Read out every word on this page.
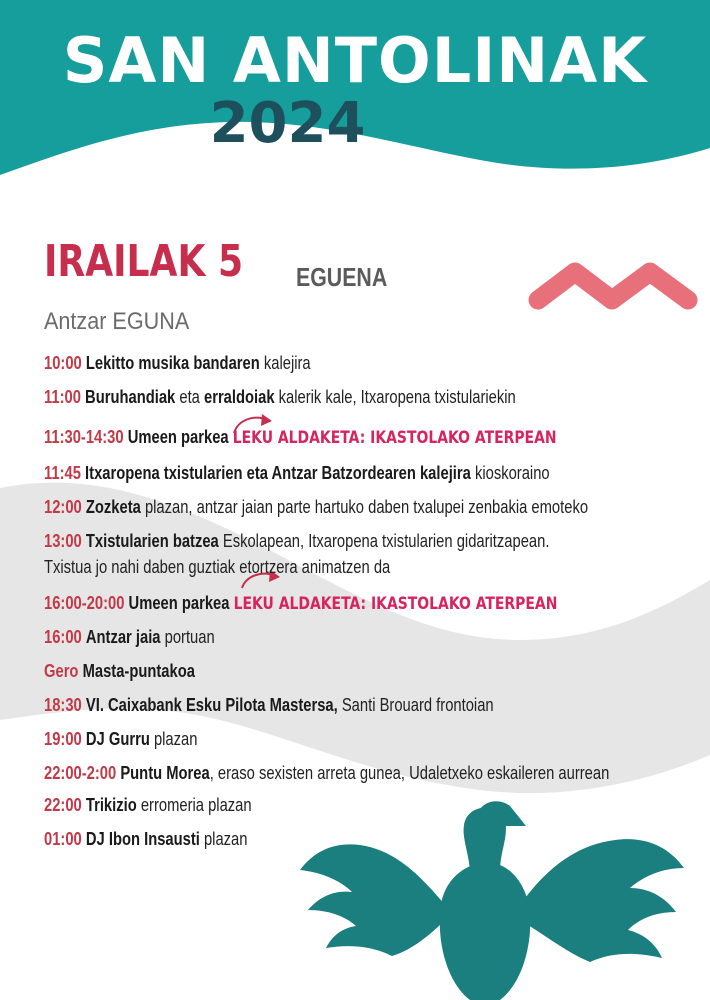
SAN ANTOLINAK
2024
IRAILAK 5	EGUENA
Antzar EGUNA
10:00 Lekitto musika bandaren kalejira
11:00 Buruhandiak eta erraldoiak kalerik kale, Itxaropena txistulariekin
11:30-14:30 Umeen parkea LEKU ALDAKETA: IKASTOLAKO ATERPEAN
11:45 Itxaropena txistularien eta Antzar Batzordearen kalejira kioskoraino
12:00 Zozketa plazan, antzar jaian parte hartuko daben txalupei zenbakia emoteko
13:00 Txistularien batzea Eskolapean, Itxaropena txistularien gidaritzapean.
Txistua jo nahi daben guztiak etortzera animatzen da
16:00-20:00 Umeen parkea LEKU ALDAKETA: IKASTOLAKO ATERPEAN
16:00 Antzar jaia portuan
Gero Masta-puntakoa
18:30 VI. Caixabank Esku Pilota Mastersa, Santi Brouard frontoian
19:00 DJ Gurru plazan
22:00-2:00 Puntu Morea, eraso sexisten arreta gunea, Udaletxeko eskaileren aurrean
22:00 Trikizio erromeria plazan
01:00 DJ Ibon Insausti plazan
